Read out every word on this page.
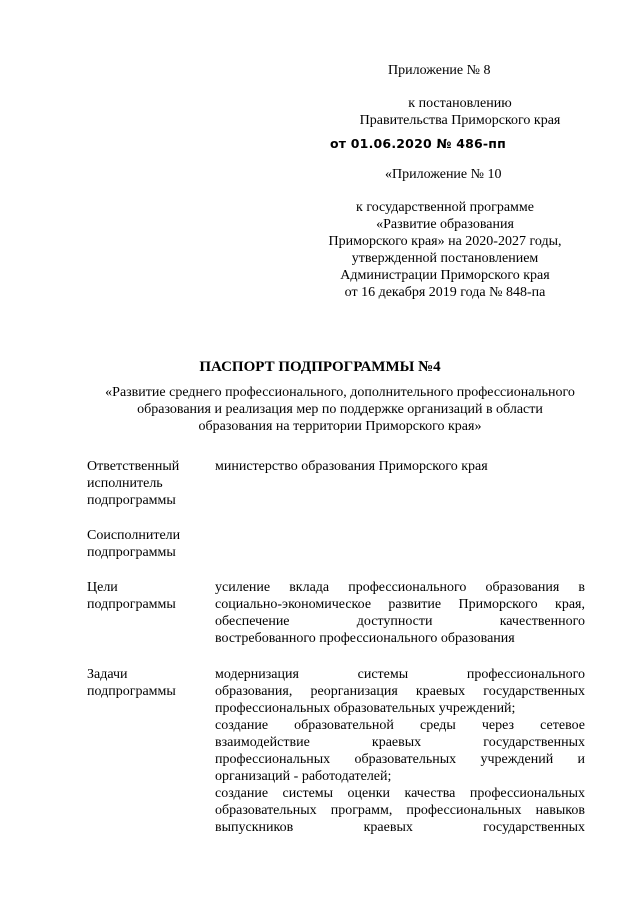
Приложение № 8
к постановлению
Правительства Приморского края
от 01.06.2020 № 486-пп
«Приложение № 10
к государственной программе
«Развитие образования
Приморского края» на 2020-2027 годы,
утвержденной постановлением
Администрации Приморского края
от 16 декабря 2019 года № 848-па
ПАСПОРТ ПОДПРОГРАММЫ №4
«Развитие среднего профессионального, дополнительного профессионального
образования и реализация мер по поддержке организаций в области
образования на территории Приморского края»
Ответственный
исполнитель
подпрограммы
министерство образования Приморского края
Соисполнители
подпрограммы
Цели
подпрограммы
усиление вклада профессионального образования в
социально-экономическое развитие Приморского края,
обеспечение доступности качественного
востребованного профессионального образования
Задачи
подпрограммы
модернизация системы профессионального
образования, реорганизация краевых государственных
профессиональных образовательных учреждений;
создание образовательной среды через сетевое
взаимодействие краевых государственных
профессиональных образовательных учреждений и
организаций - работодателей;
создание системы оценки качества профессиональных
образовательных программ, профессиональных навыков
выпускников краевых государственных
